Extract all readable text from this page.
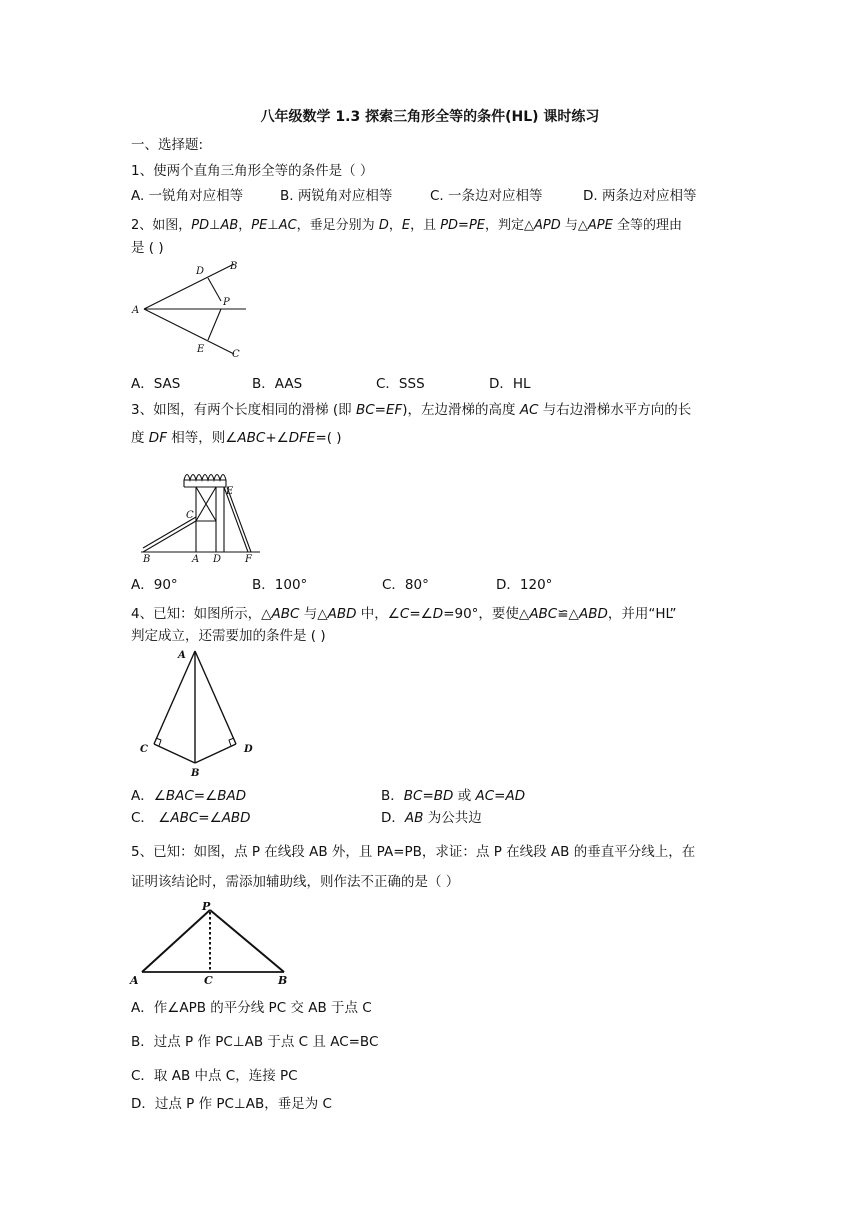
八年级数学 1.3 探索三角形全等的条件(HL) 课时练习
一、选择题:
1、使两个直角三角形全等的条件是（ ）
A. 一锐角对应相等	B. 两锐角对应相等	C. 一条边对应相等	D. 两条边对应相等
2、如图，PD⊥AB，PE⊥AC，垂足分别为 D，E，且 PD=PE，判定△APD 与△APE 全等的理由
是 ( )
A
D	B
P
E	C
A．SAS	B．AAS	C．SSS	D．HL
3、如图，有两个长度相同的滑梯 (即 BC=EF)，左边滑梯的高度 AC 与右边滑梯水平方向的长
度 DF 相等，则∠ABC+∠DFE=( )
E
C
B	A D F
A．90°	B．100°	C．80°	D．120°
4、已知：如图所示，△ABC 与△ABD 中，∠C=∠D=90°，要使△ABC≌△ABD，并用“HL”
判定成立，还需要加的条件是 ( )
A
C	D
B
A．∠BAC=∠BAD	B．BC=BD 或 AC=AD
C． ∠ABC=∠ABD	D．AB 为公共边
5、已知：如图，点 P 在线段 AB 外，且 PA=PB，求证：点 P 在线段 AB 的垂直平分线上，在
证明该结论时，需添加辅助线，则作法不正确的是（ ）
P
A	C	B
A．作∠APB 的平分线 PC 交 AB 于点 C
B．过点 P 作 PC⊥AB 于点 C 且 AC=BC
C．取 AB 中点 C，连接 PC
D．过点 P 作 PC⊥AB，垂足为 C
